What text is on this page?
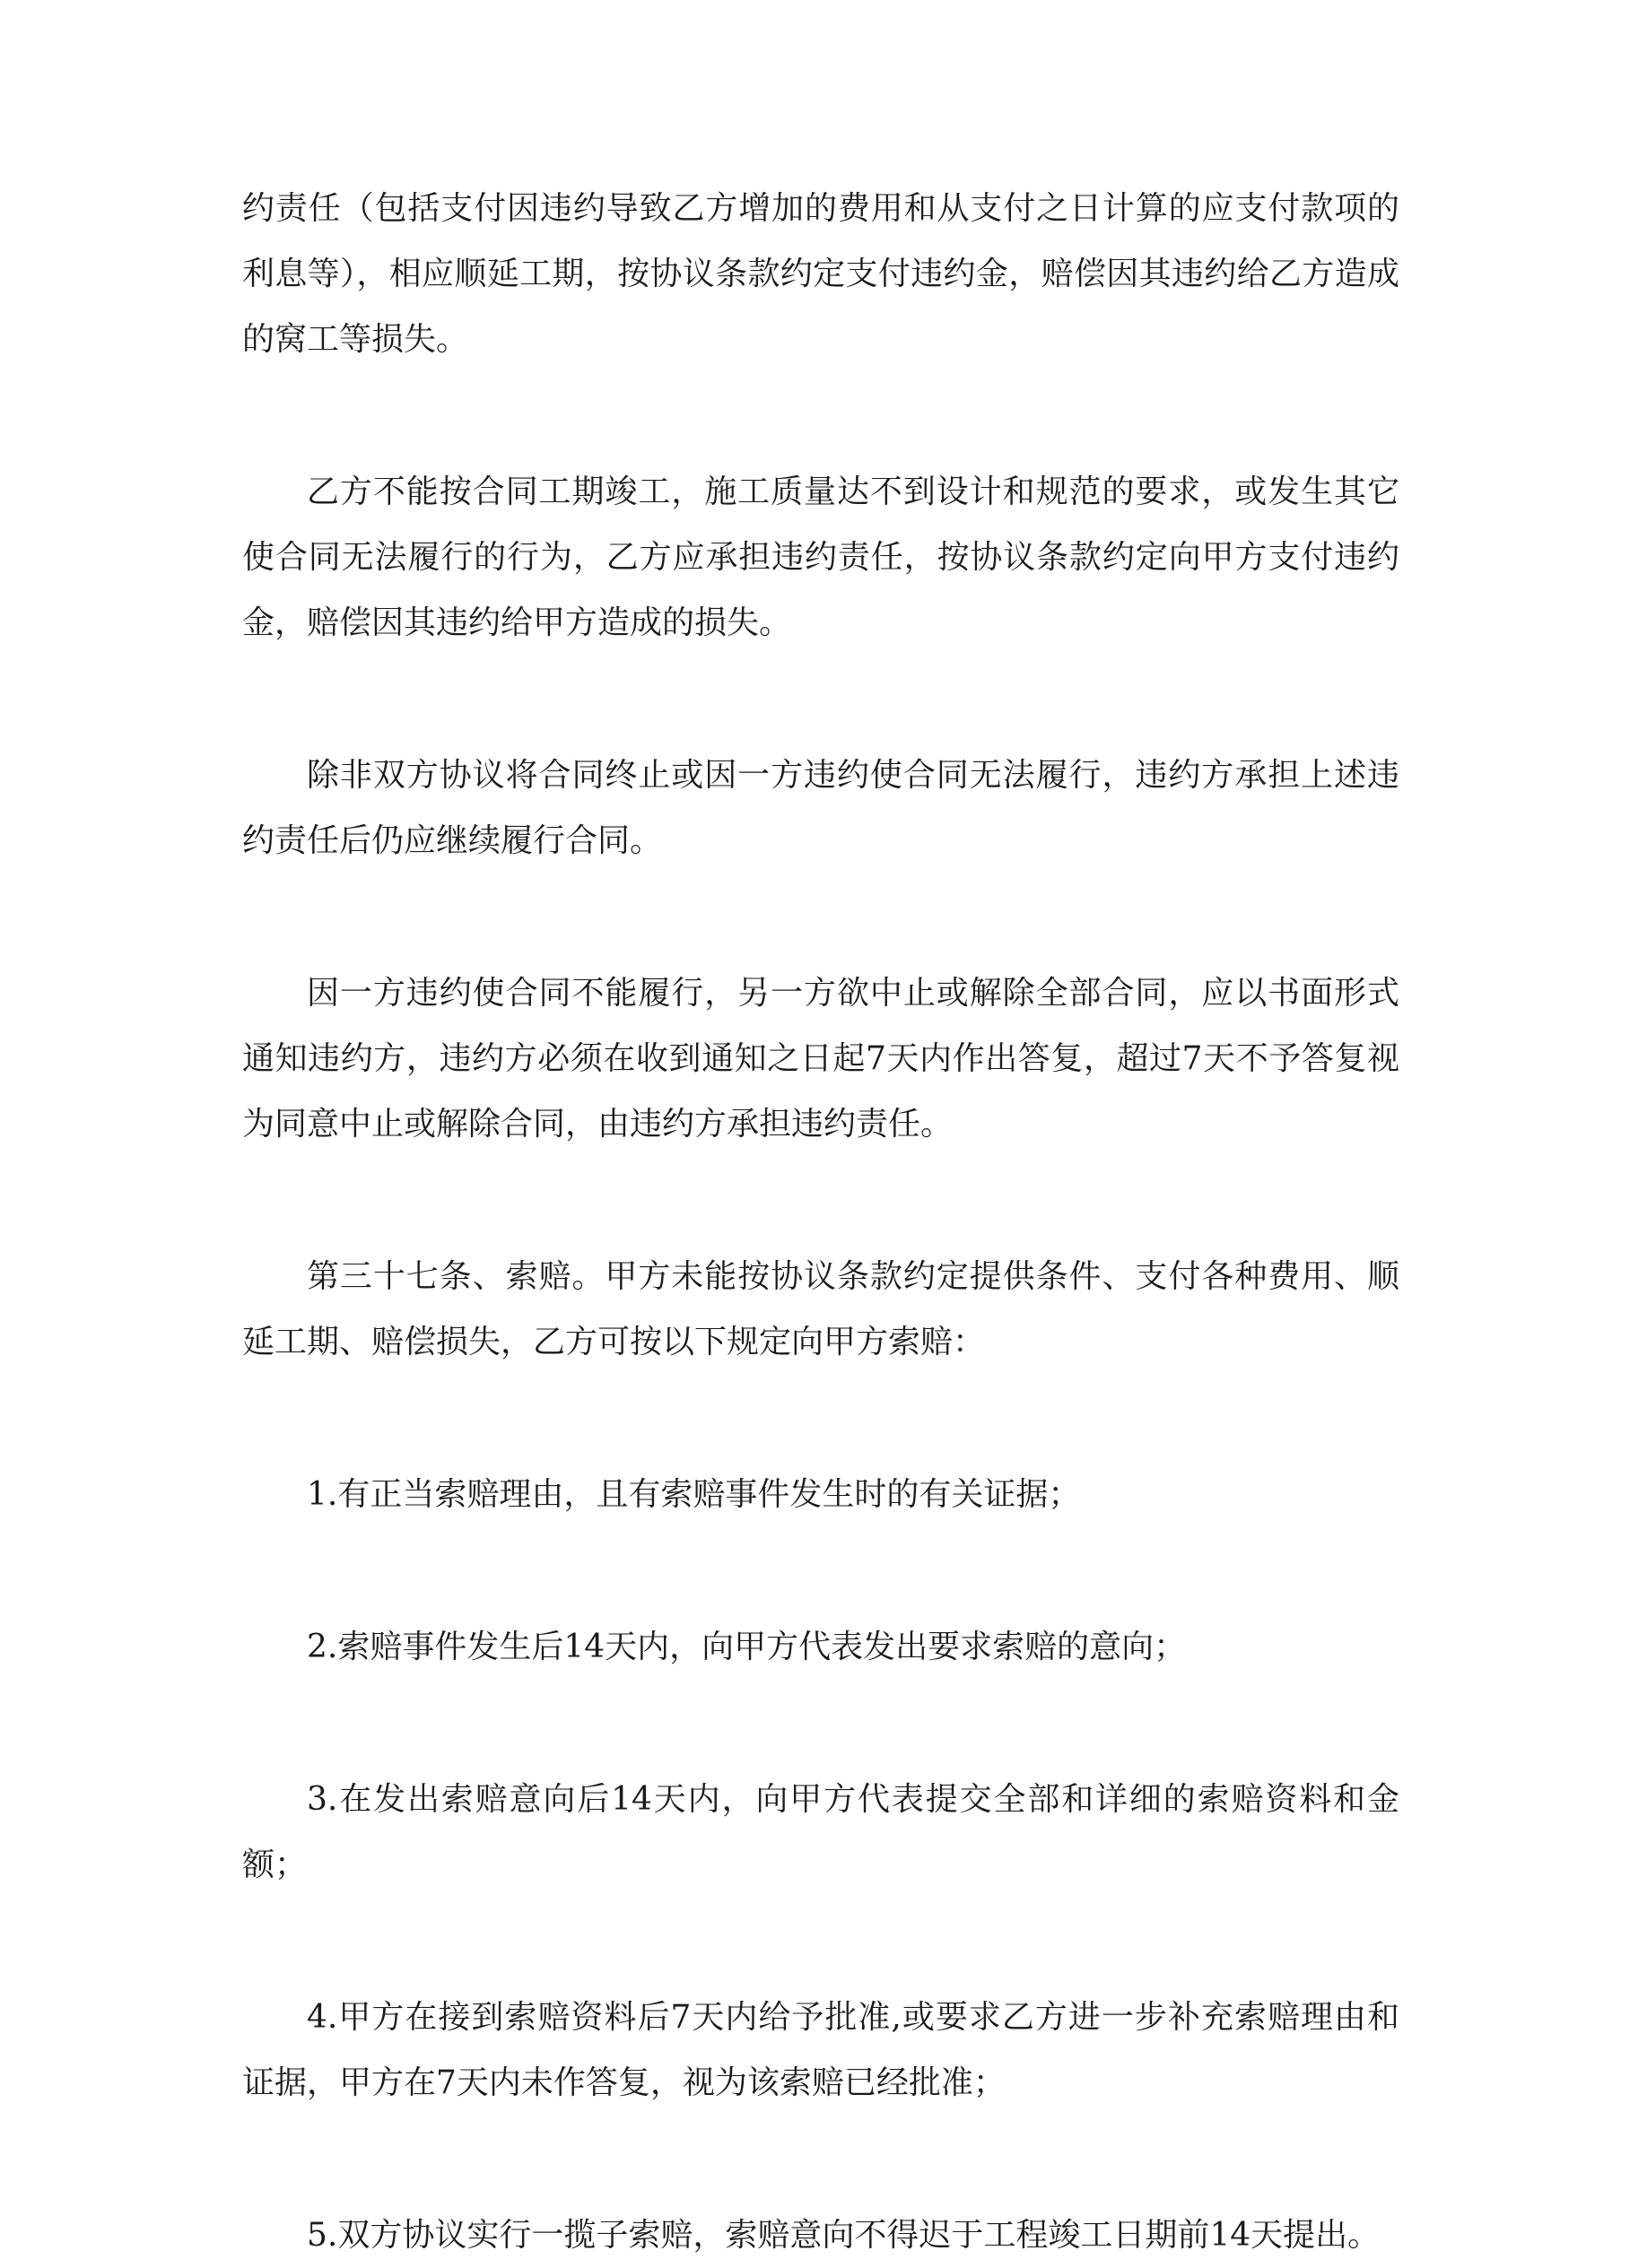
约责任（包括支付因违约导致乙方增加的费用和从支付之日计算的应支付款项的利息等），相应顺延工期，按协议条款约定支付违约金，赔偿因其违约给乙方造成的窝工等损失。

乙方不能按合同工期竣工，施工质量达不到设计和规范的要求，或发生其它使合同无法履行的行为，乙方应承担违约责任，按协议条款约定向甲方支付违约金，赔偿因其违约给甲方造成的损失。

除非双方协议将合同终止或因一方违约使合同无法履行，违约方承担上述违约责任后仍应继续履行合同。

因一方违约使合同不能履行，另一方欲中止或解除全部合同，应以书面形式通知违约方，违约方必须在收到通知之日起7天内作出答复，超过7天不予答复视为同意中止或解除合同，由违约方承担违约责任。

第三十七条、索赔。甲方未能按协议条款约定提供条件、支付各种费用、顺延工期、赔偿损失，乙方可按以下规定向甲方索赔：

1.有正当索赔理由，且有索赔事件发生时的有关证据；

2.索赔事件发生后14天内，向甲方代表发出要求索赔的意向；

3.在发出索赔意向后14天内，向甲方代表提交全部和详细的索赔资料和金额；

4.甲方在接到索赔资料后7天内给予批准,或要求乙方进一步补充索赔理由和证据，甲方在7天内未作答复，视为该索赔已经批准；

5.双方协议实行一揽子索赔，索赔意向不得迟于工程竣工日期前14天提出。
